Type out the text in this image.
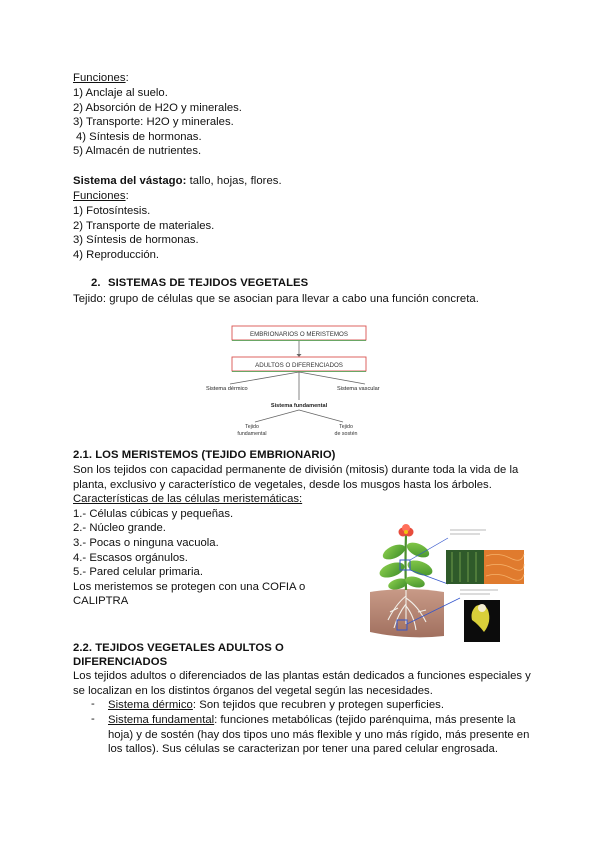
Funciones:
1) Anclaje al suelo.
2) Absorción de H2O y minerales.
3) Transporte: H2O y minerales.
4) Síntesis de hormonas.
5) Almacén de nutrientes.
Sistema del vástago: tallo, hojas, flores.
Funciones:
1) Fotosíntesis.
2) Transporte de materiales.
3) Síntesis de hormonas.
4) Reproducción.
2. SISTEMAS DE TEJIDOS VEGETALES
Tejido: grupo de células que se asocian para llevar a cabo una función concreta.
EMBRIONARIOS O MERISTEMOS
ADULTOS O DIFERENCIADOS
Sistema dérmico	Sistema vascular
Sistema fundamental
Tejido
fundamental
Tejido
de sostén
2.1. LOS MERISTEMOS (TEJIDO EMBRIONARIO)
Son los tejidos con capacidad permanente de división (mitosis) durante toda la vida de la
planta, exclusivo y característico de vegetales, desde los musgos hasta los árboles.
Características de las células meristemáticas:
1.- Células cúbicas y pequeñas.
2.- Núcleo grande.
3.- Pocas o ninguna vacuola.
4.- Escasos orgánulos.
5.- Pared celular primaria.
Los meristemos se protegen con una COFIA o
CALIPTRA
2.2. TEJIDOS VEGETALES ADULTOS O
DIFERENCIADOS
Los tejidos adultos o diferenciados de las plantas están dedicados a funciones especiales y
se localizan en los distintos órganos del vegetal según las necesidades.
- Sistema dérmico: Son tejidos que recubren y protegen superficies.
- Sistema fundamental: funciones metabólicas (tejido parénquima, más presente la
hoja) y de sostén (hay dos tipos uno más flexible y uno más rígido, más presente en
los tallos). Sus células se caracterizan por tener una pared celular engrosada.
